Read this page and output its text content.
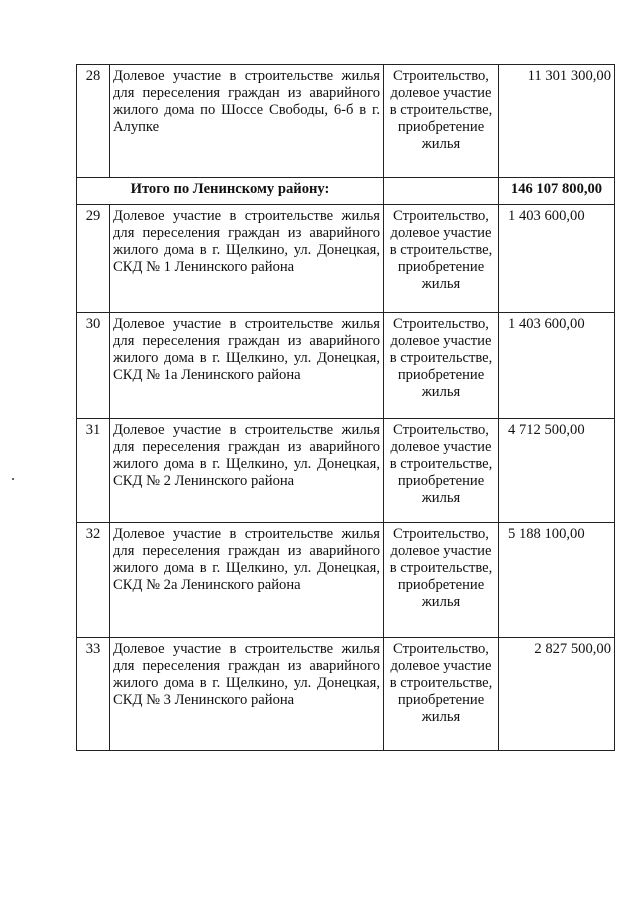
28	Долевое участие в строительстве жилья для переселения граждан из аварийного жилого дома по Шоссе Свободы, 6-б в г. Алупке	Строительство, долевое участие в строительстве, приобретение жилья	11 301 300,00
Итого по Ленинскому району:			146 107 800,00
29	Долевое участие в строительстве жилья для переселения граждан из аварийного жилого дома в г. Щелкино, ул. Донецкая, СКД № 1 Ленинского района	Строительство, долевое участие в строительстве, приобретение жилья	1 403 600,00
30	Долевое участие в строительстве жилья для переселения граждан из аварийного жилого дома в г. Щелкино, ул. Донецкая, СКД № 1а Ленинского района	Строительство, долевое участие в строительстве, приобретение жилья	1 403 600,00
31	Долевое участие в строительстве жилья для переселения граждан из аварийного жилого дома в г. Щелкино, ул. Донецкая, СКД № 2 Ленинского района	Строительство, долевое участие в строительстве, приобретение жилья	4 712 500,00
32	Долевое участие в строительстве жилья для переселения граждан из аварийного жилого дома в г. Щелкино, ул. Донецкая, СКД № 2а Ленинского района	Строительство, долевое участие в строительстве, приобретение жилья	5 188 100,00
33	Долевое участие в строительстве жилья для переселения граждан из аварийного жилого дома в г. Щелкино, ул. Донецкая, СКД № 3 Ленинского района	Строительство, долевое участие в строительстве, приобретение жилья	2 827 500,00
